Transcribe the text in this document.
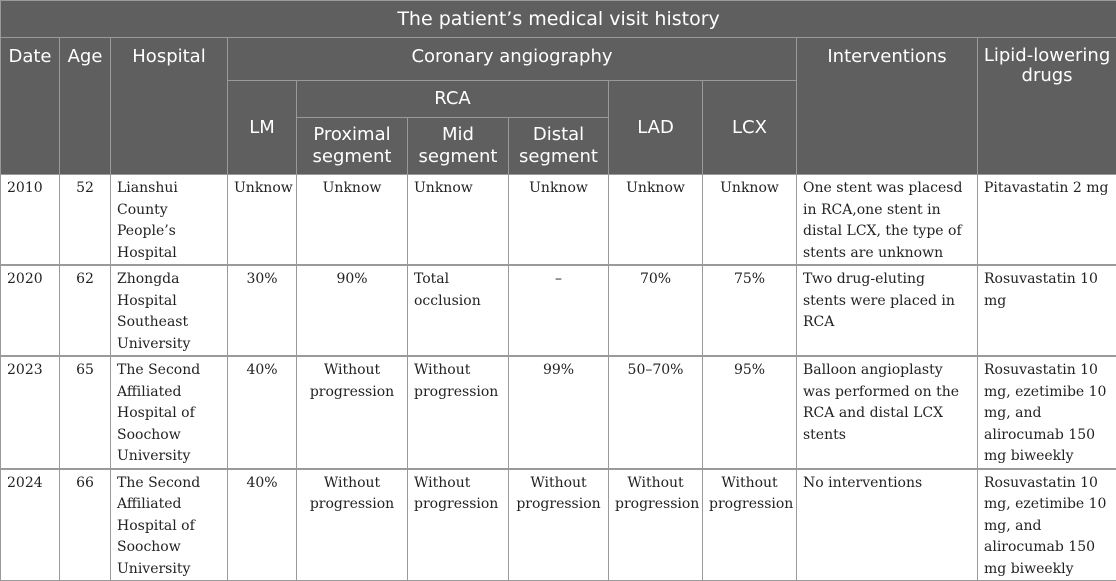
The patient’s medical visit history										
Date	Age	Hospital	Coronary angiography						Interventions	Lipid-lowering drugs
			LM	RCA			LAD	LCX		
				Proximal segment	Mid segment	Distal segment				
2010	52	Lianshui County People’s Hospital	Unknow	Unknow	Unknow	Unknow	Unknow	Unknow	One stent was placesd in RCA,one stent in distal LCX, the type of stents are unknown	Pitavastatin 2 mg
2020	62	Zhongda Hospital Southeast University	30%	90%	Total occlusion	–	70%	75%	Two drug-eluting stents were placed in RCA	Rosuvastatin 10 mg
2023	65	The Second Affiliated Hospital of Soochow University	40%	Without progression	Without progression	99%	50–70%	95%	Balloon angioplasty was performed on the RCA and distal LCX stents	Rosuvastatin 10 mg, ezetimibe 10 mg, and alirocumab 150 mg biweekly
2024	66	The Second Affiliated Hospital of Soochow University	40%	Without progression	Without progression	Without progression	Without progression	Without progression	No interventions	Rosuvastatin 10 mg, ezetimibe 10 mg, and alirocumab 150 mg biweekly
